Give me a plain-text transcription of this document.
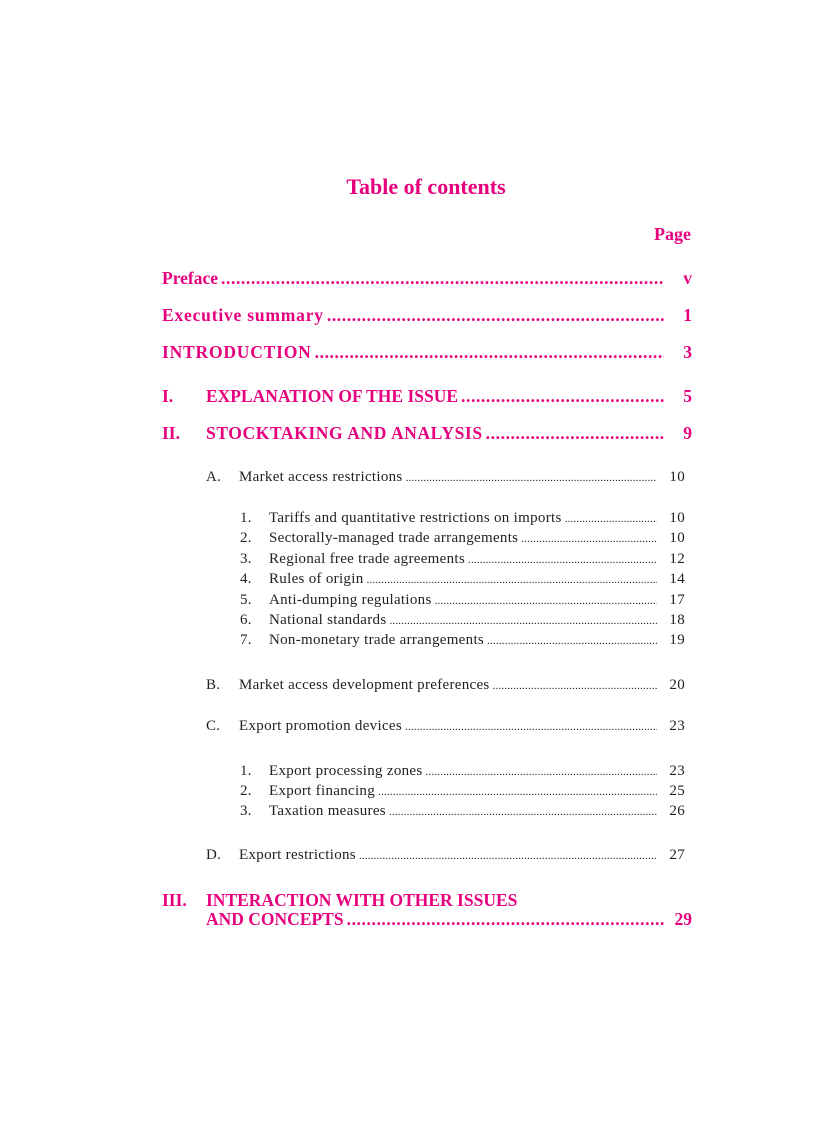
Table of contents
Page
Preface .....	v
Executive summary .....	1
INTRODUCTION .....	3
I.	EXPLANATION OF THE ISSUE .....	5
II.	STOCKTAKING AND ANALYSIS .....	9
A.	Market access restrictions .....	10
1.	Tariffs and quantitative restrictions on imports .....	10
2.	Sectorally-managed trade arrangements .....	10
3.	Regional free trade agreements .....	12
4.	Rules of origin .....	14
5.	Anti-dumping regulations .....	17
6.	National standards .....	18
7.	Non-monetary trade arrangements .....	19
B.	Market access development preferences .....	20
C.	Export promotion devices .....	23
1.	Export processing zones .....	23
2.	Export financing .....	25
3.	Taxation measures .....	26
D.	Export restrictions .....	27
III.	INTERACTION WITH OTHER ISSUES
AND CONCEPTS .....	29
